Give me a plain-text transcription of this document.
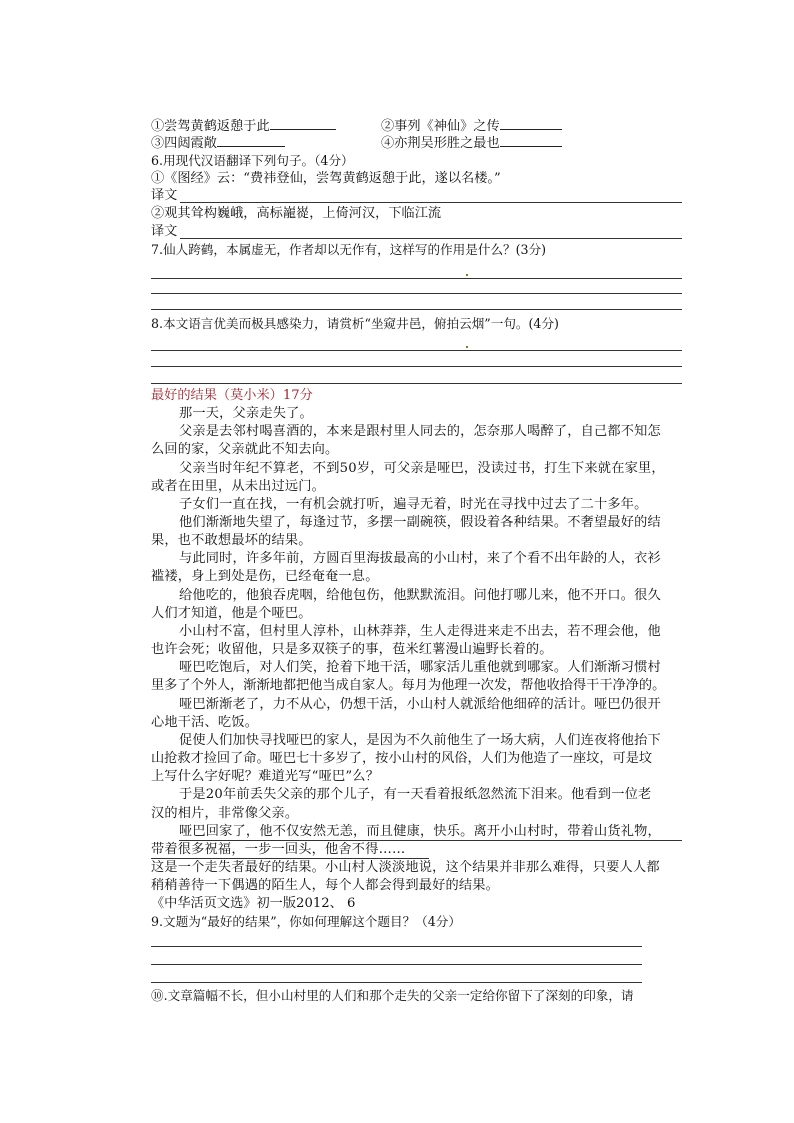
①尝驾黄鹤返憩于此	②事列《神仙》之传
③四闼霞敞	④亦荆吴形胜之最也
6.用现代汉语翻译下列句子。（4分）
①《图经》云：“费祎登仙，尝驾黄鹤返憩于此，遂以名楼。”
译文
②观其耸构巍峨，高标巃嵸，上倚河汉，下临江流
译文
7.仙人跨鹤，本属虚无，作者却以无作有，这样写的作用是什么？(3分)
8.本文语言优美而极具感染力，请赏析“坐窥井邑，俯拍云烟”一句。(4分)
最好的结果（莫小米）17分
那一天，父亲走失了。
父亲是去邻村喝喜酒的，本来是跟村里人同去的，怎奈那人喝醉了，自己都不知怎
么回的家，父亲就此不知去向。
父亲当时年纪不算老，不到50岁，可父亲是哑巴，没读过书，打生下来就在家里，
或者在田里，从未出过远门。
子女们一直在找，一有机会就打听，遍寻无着，时光在寻找中过去了二十多年。
他们渐渐地失望了，每逢过节，多摆一副碗筷，假设着各种结果。不奢望最好的结
果，也不敢想最坏的结果。
与此同时，许多年前，方圆百里海拔最高的小山村，来了个看不出年龄的人，衣衫
褴褛，身上到处是伤，已经奄奄一息。
给他吃的，他狼吞虎咽，给他包伤，他默默流泪。问他打哪儿来，他不开口。很久
人们才知道，他是个哑巴。
小山村不富，但村里人淳朴，山林莽莽，生人走得进来走不出去，若不理会他，他
也许会死；收留他，只是多双筷子的事，苞米红薯漫山遍野长着的。
哑巴吃饱后，对人们笑，抢着下地干活，哪家活儿重他就到哪家。人们渐渐习惯村
里多了个外人，渐渐地都把他当成自家人。每月为他理一次发，帮他收拾得干干净净的。
哑巴渐渐老了，力不从心，仍想干活，小山村人就派给他细碎的活计。哑巴仍很开
心地干活、吃饭。
促使人们加快寻找哑巴的家人，是因为不久前他生了一场大病，人们连夜将他抬下
山抢救才捡回了命。哑巴七十多岁了，按小山村的风俗，人们为他造了一座坟，可是坟
上写什么字好呢？难道光写“哑巴”么？
于是20年前丢失父亲的那个儿子，有一天看着报纸忽然流下泪来。他看到一位老
汉的相片，非常像父亲。
哑巴回家了，他不仅安然无恙，而且健康，快乐。离开小山村时，带着山货礼物，
带着很多祝福，一步一回头，他舍不得……
这是一个走失者最好的结果。小山村人淡淡地说，这个结果并非那么难得，只要人人都
稍稍善待一下偶遇的陌生人，每个人都会得到最好的结果。
《中华活页文选》初一版2012、 6
9.文题为“最好的结果”，你如何理解这个题目？（4分）
⑩.文章篇幅不长，但小山村里的人们和那个走失的父亲一定给你留下了深刻的印象，请
